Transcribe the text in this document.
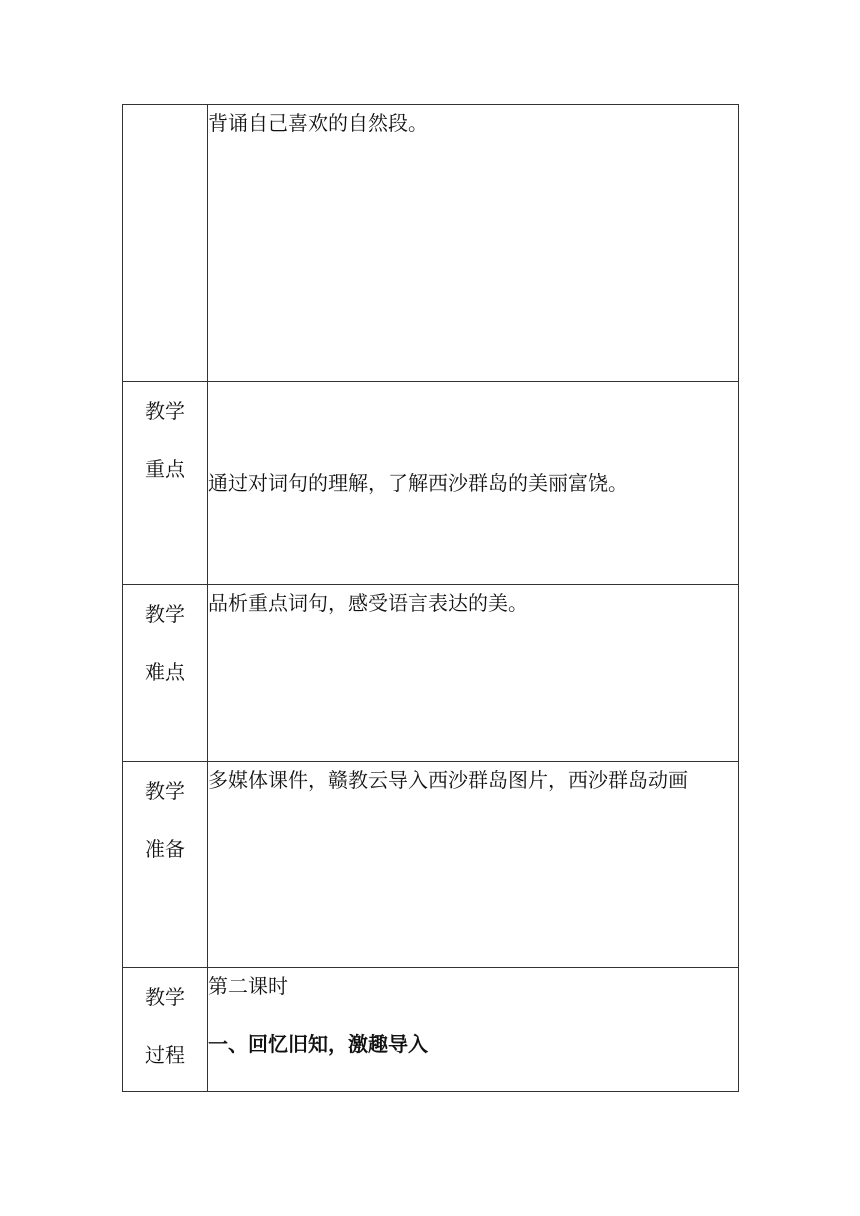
	背诵自己喜欢的自然段。

教学
重点	通过对词句的理解，了解西沙群岛的美丽富饶。

教学
难点	品析重点词句，感受语言表达的美。

教学
准备	多媒体课件，赣教云导入西沙群岛图片，西沙群岛动画

教学
过程	第二课时
一、回忆旧知，激趣导入
